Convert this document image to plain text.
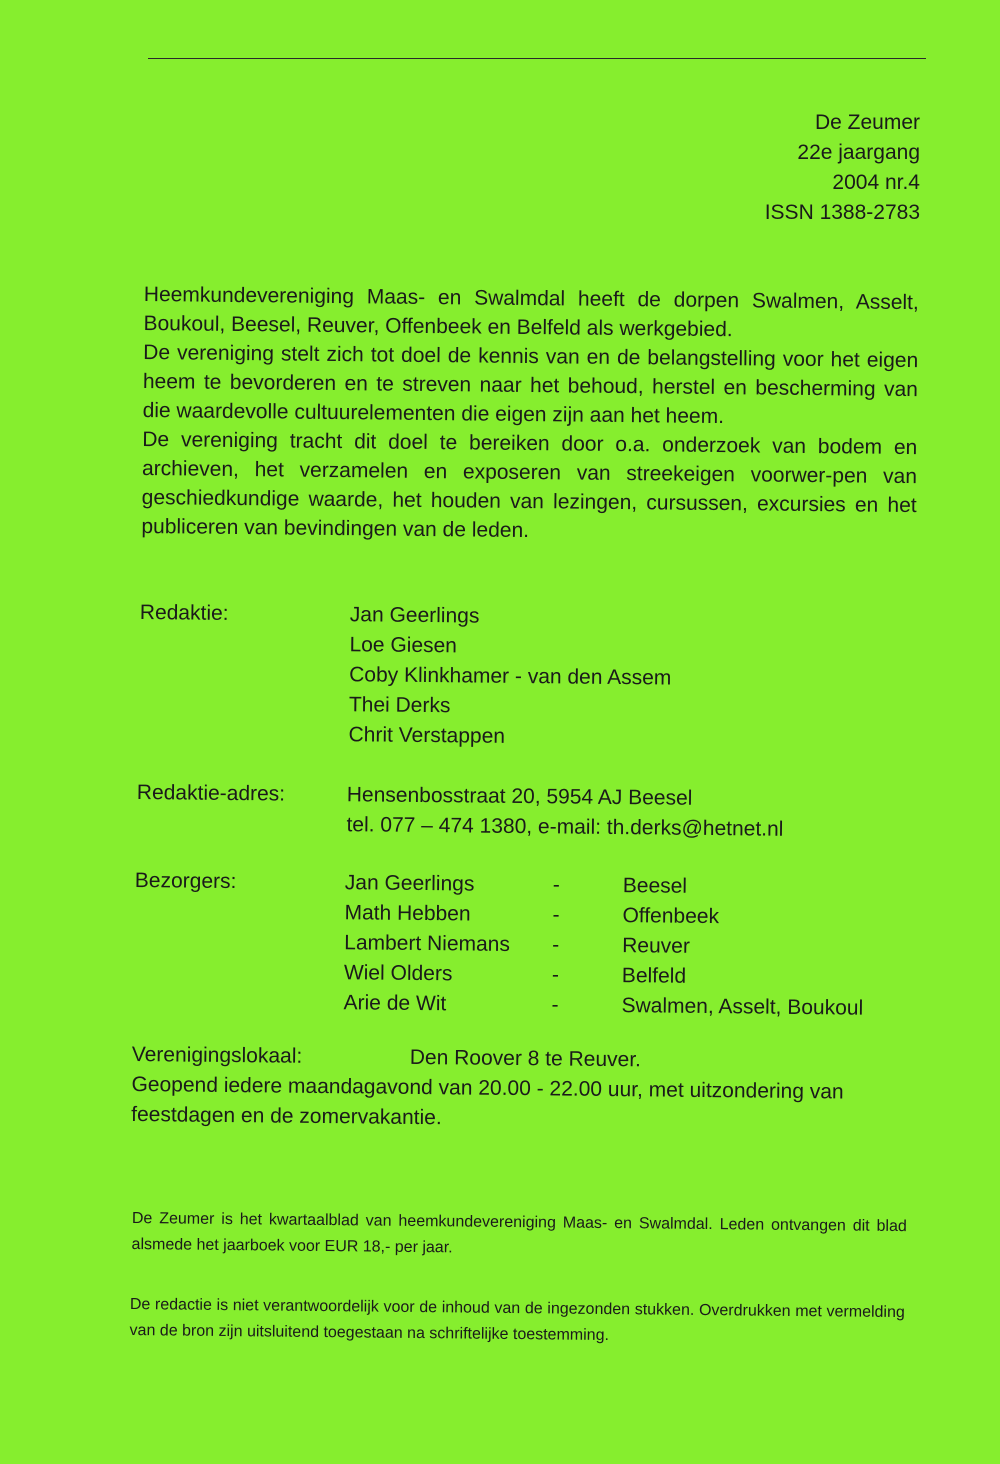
De Zeumer
22e jaargang
2004 nr.4
ISSN 1388-2783

Heemkundevereniging Maas- en Swalmdal heeft de dorpen Swalmen, Asselt, Boukoul, Beesel, Reuver, Offenbeek en Belfeld als werkgebied.

De vereniging stelt zich tot doel de kennis van en de belangstelling voor het eigen heem te bevorderen en te streven naar het behoud, herstel en bescherming van die waardevolle cultuurelementen die eigen zijn aan het heem.

De vereniging tracht dit doel te bereiken door o.a. onderzoek van bodem en archieven, het verzamelen en exposeren van streekeigen voorwer-pen van geschiedkundige waarde, het houden van lezingen, cursussen, excursies en het publiceren van bevindingen van de leden.

Redaktie:	Jan Geerlings
Loe Giesen
Coby Klinkhamer - van den Assem
Thei Derks
Chrit Verstappen
Redaktie-adres:	Hensenbosstraat 20, 5954 AJ Beesel
tel. 077 – 474 1380, e-mail: th.derks@hetnet.nl
Bezorgers:	Jan Geerlings	-	Beesel
Math Hebben	-	Offenbeek
Lambert Niemans -	Reuver
Wiel Olders	-	Belfeld
Arie de Wit	-	Swalmen, Asselt, Boukoul
Verenigingslokaal:	Den Roover 8 te Reuver.

Geopend iedere maandagavond van 20.00 - 22.00 uur, met uitzondering van feestdagen en de zomervakantie.

De Zeumer is het kwartaalblad van heemkundevereniging Maas- en Swalmdal. Leden ontvangen dit blad alsmede het jaarboek voor EUR 18,- per jaar.

De redactie is niet verantwoordelijk voor de inhoud van de ingezonden stukken. Overdrukken met vermelding van de bron zijn uitsluitend toegestaan na schriftelijke toestemming.
